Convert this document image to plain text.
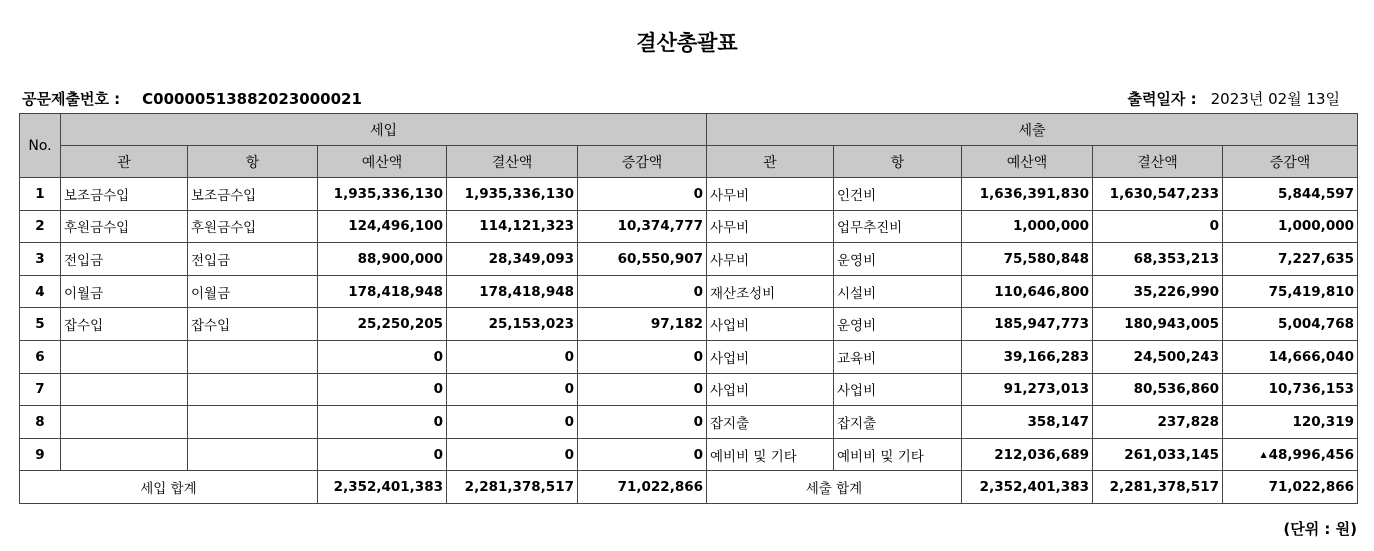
결산총괄표
공문제출번호 : C00000513882023000021	출력일자 : 2023년 02월 13일
No.	세입					세출				
	관	항	예산액	결산액	증감액	관	항	예산액	결산액	증감액
1	보조금수입	보조금수입	1,935,336,130	1,935,336,130	0	사무비	인건비	1,636,391,830	1,630,547,233	5,844,597
2	후원금수입	후원금수입	124,496,100	114,121,323	10,374,777	사무비	업무추진비	1,000,000	0	1,000,000
3	전입금	전입금	88,900,000	28,349,093	60,550,907	사무비	운영비	75,580,848	68,353,213	7,227,635
4	이월금	이월금	178,418,948	178,418,948	0	재산조성비	시설비	110,646,800	35,226,990	75,419,810
5	잡수입	잡수입	25,250,205	25,153,023	97,182	사업비	운영비	185,947,773	180,943,005	5,004,768
6			0	0	0	사업비	교육비	39,166,283	24,500,243	14,666,040
7			0	0	0	사업비	사업비	91,273,013	80,536,860	10,736,153
8			0	0	0	잡지출	잡지출	358,147	237,828	120,319
9			0	0	0	예비비 및 기타	예비비 및 기타	212,036,689	261,033,145	▲ 48,996,456
세입 합계			2,352,401,383	2,281,378,517	71,022,866	세출 합계		2,352,401,383	2,281,378,517	71,022,866
(단위 : 원)
